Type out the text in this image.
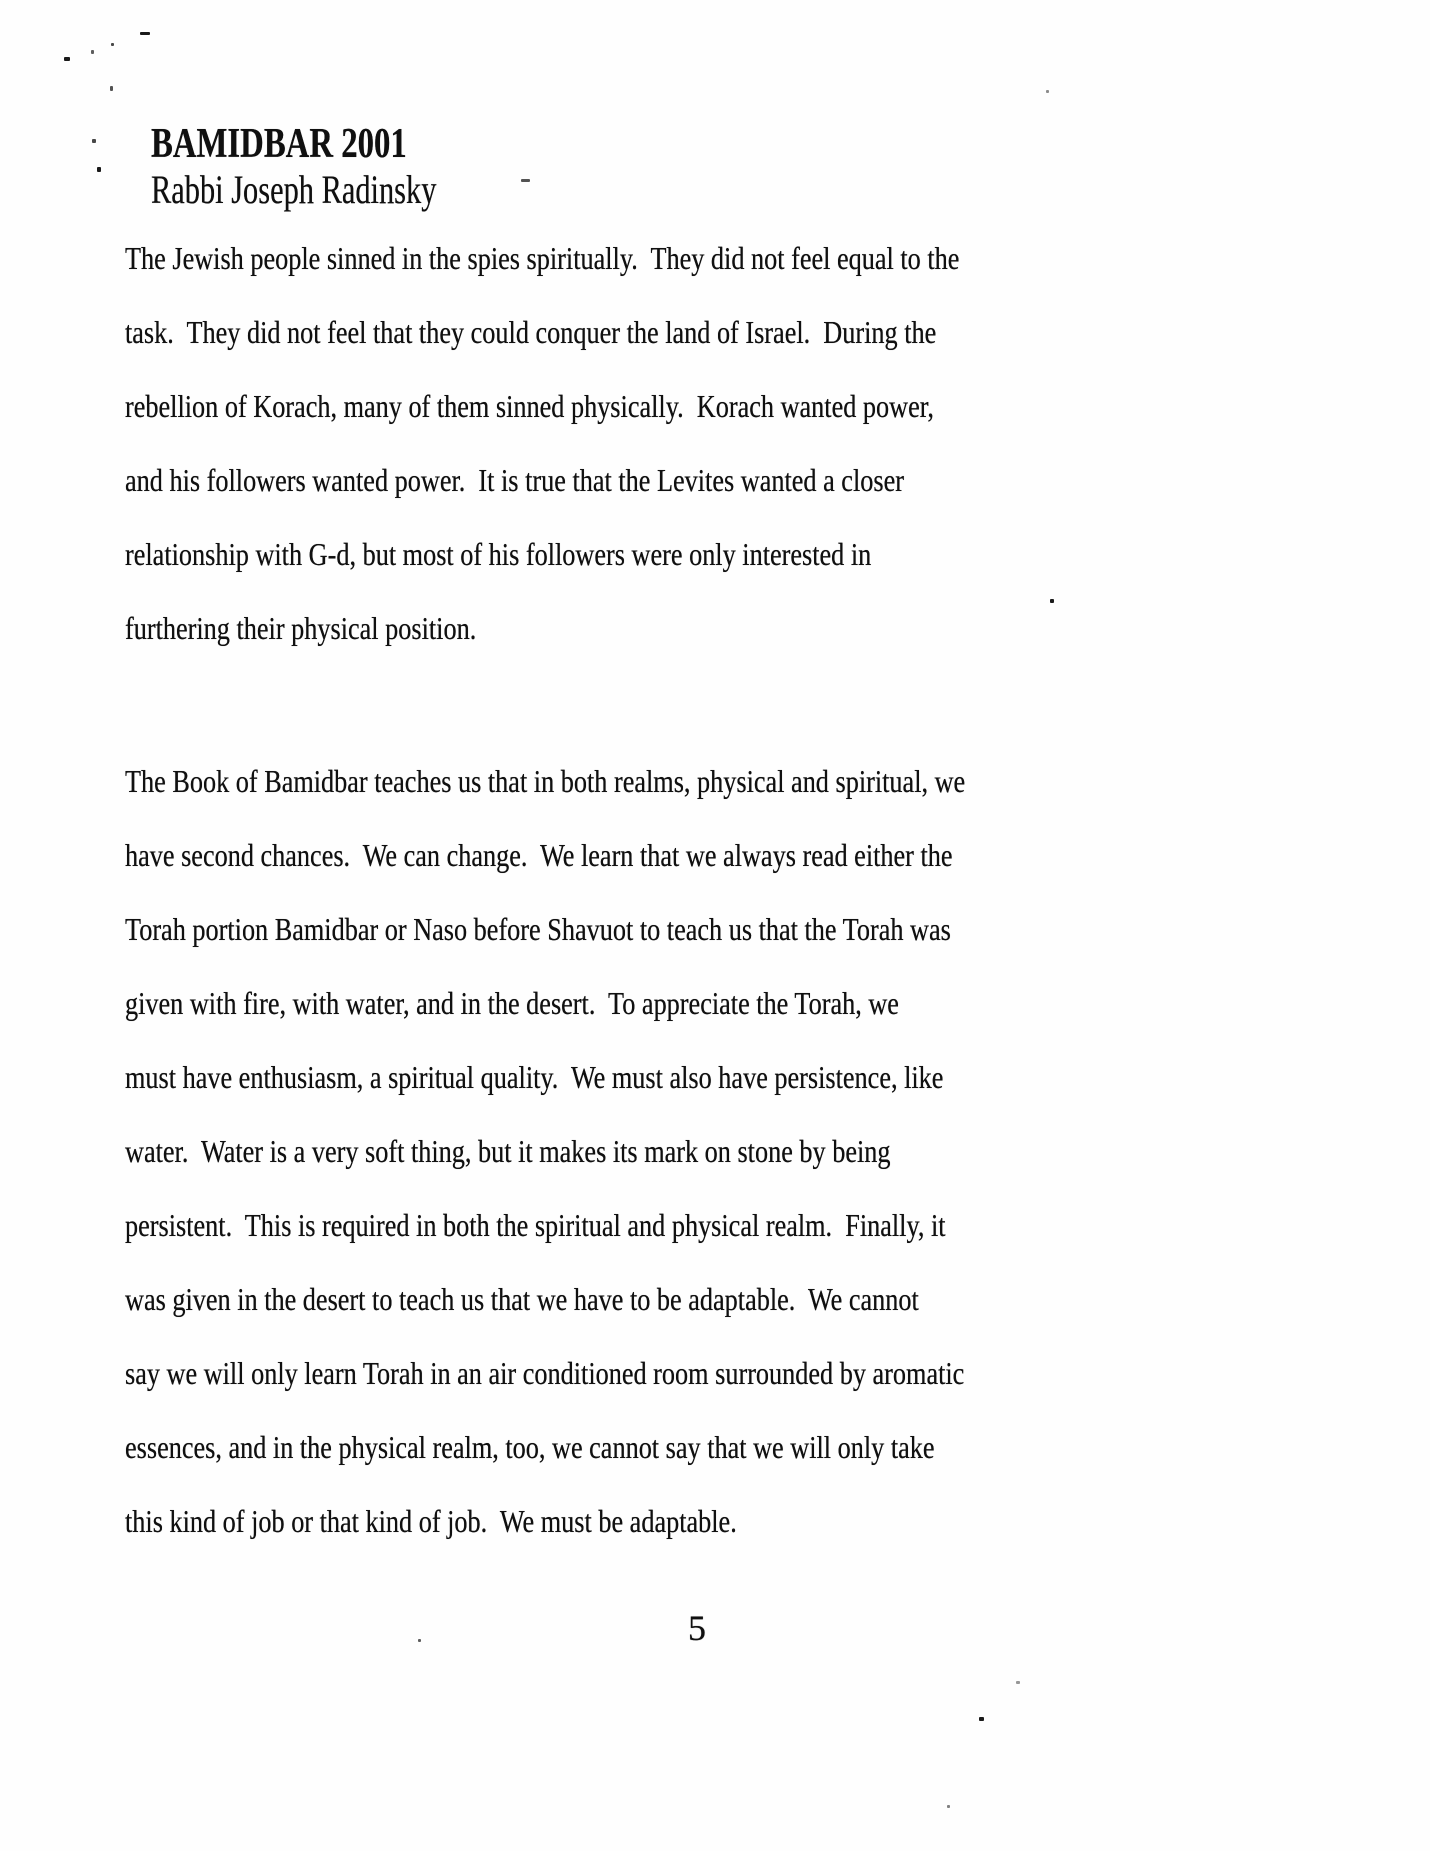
BAMIDBAR 2001
Rabbi Joseph Radinsky
The Jewish people sinned in the spies spiritually.  They did not feel equal to the
task.  They did not feel that they could conquer the land of Israel.  During the
rebellion of Korach, many of them sinned physically.  Korach wanted power,
and his followers wanted power.  It is true that the Levites wanted a closer
relationship with G-d, but most of his followers were only interested in
furthering their physical position.
The Book of Bamidbar teaches us that in both realms, physical and spiritual, we
have second chances.  We can change.  We learn that we always read either the
Torah portion Bamidbar or Naso before Shavuot to teach us that the Torah was
given with fire, with water, and in the desert.  To appreciate the Torah, we
must have enthusiasm, a spiritual quality.  We must also have persistence, like
water.  Water is a very soft thing, but it makes its mark on stone by being
persistent.  This is required in both the spiritual and physical realm.  Finally, it
was given in the desert to teach us that we have to be adaptable.  We cannot
say we will only learn Torah in an air conditioned room surrounded by aromatic
essences, and in the physical realm, too, we cannot say that we will only take
this kind of job or that kind of job.  We must be adaptable.
5
